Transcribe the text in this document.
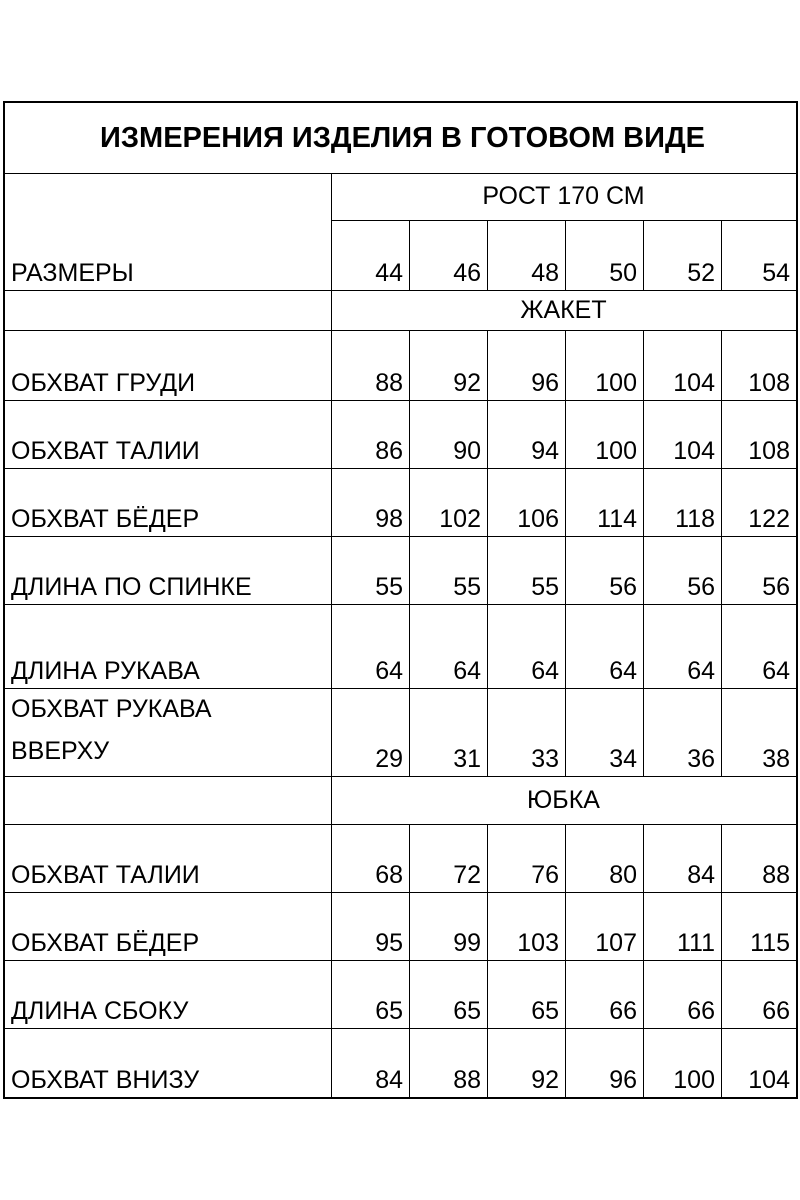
ИЗМЕРЕНИЯ ИЗДЕЛИЯ В ГОТОВОМ ВИДЕ
РОСТ 170 СМ
РАЗМЕРЫ	44	46	48	50	52	54
ЖАКЕТ
ОБХВАТ ГРУДИ	88	92	96	100	104	108
ОБХВАТ ТАЛИИ	86	90	94	100	104	108
ОБХВАТ БЁДЕР	98	102	106	114	118	122
ДЛИНА ПО СПИНКЕ	55	55	55	56	56	56
ДЛИНА РУКАВА	64	64	64	64	64	64
ОБХВАТ РУКАВА
ВВЕРХУ	29	31	33	34	36	38
ЮБКА
ОБХВАТ ТАЛИИ	68	72	76	80	84	88
ОБХВАТ БЁДЕР	95	99	103	107	111	115
ДЛИНА СБОКУ	65	65	65	66	66	66
ОБХВАТ ВНИЗУ	84	88	92	96	100	104
